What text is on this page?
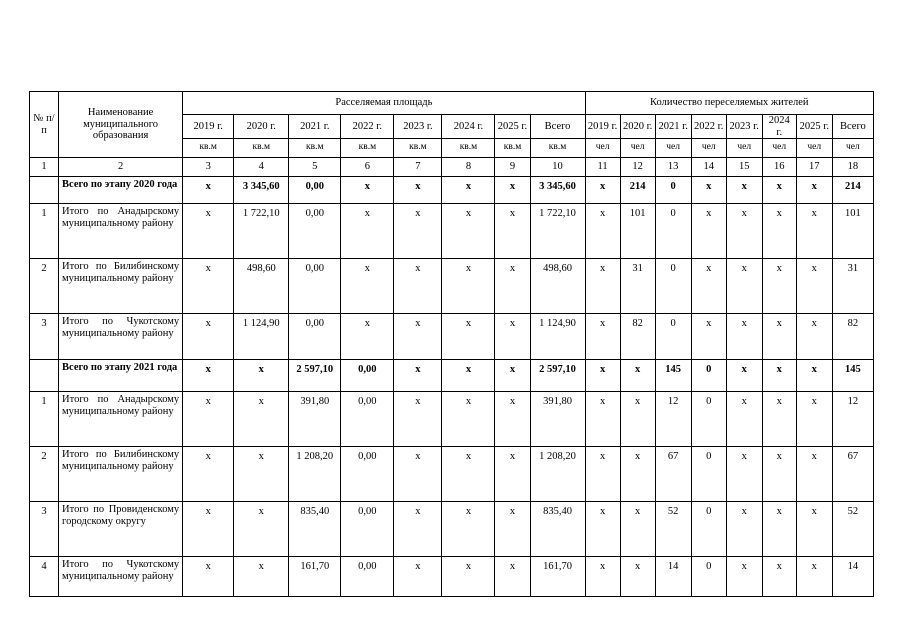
№ п/п	Наименование муниципального образования	Расселяемая площадь								Количество переселяемых жителей							
		2019 г.	2020 г.	2021 г.	2022 г.	2023 г.	2024 г.	2025 г.	Всего	2019 г.	2020 г.	2021 г.	2022 г.	2023 г.	2024 г.	2025 г.	Всего
		кв.м	кв.м	кв.м	кв.м	кв.м	кв.м	кв.м	кв.м	чел	чел	чел	чел	чел	чел	чел	чел
1	2	3	4	5	6	7	8	9	10	11	12	13	14	15	16	17	18
	Всего по этапу 2020 года	х	3 345,60	0,00	х	х	х	х	3 345,60	х	214	0	х	х	х	х	214
1	Итого по Анадырскому муниципальному району	х	1 722,10	0,00	х	х	х	х	1 722,10	х	101	0	х	х	х	х	101
2	Итого по Билибинскому муниципальному району	х	498,60	0,00	х	х	х	х	498,60	х	31	0	х	х	х	х	31
3	Итого по Чукотскому муниципальному району	х	1 124,90	0,00	х	х	х	х	1 124,90	х	82	0	х	х	х	х	82
	Всего по этапу 2021 года	х	х	2 597,10	0,00	х	х	х	2 597,10	х	х	145	0	х	х	х	145
1	Итого по Анадырскому муниципальному району	х	х	391,80	0,00	х	х	х	391,80	х	х	12	0	х	х	х	12
2	Итого по Билибинскому муниципальному району	х	х	1 208,20	0,00	х	х	х	1 208,20	х	х	67	0	х	х	х	67
3	Итого по Провиденскому городскому округу	х	х	835,40	0,00	х	х	х	835,40	х	х	52	0	х	х	х	52
4	Итого по Чукотскому муниципальному району	х	х	161,70	0,00	х	х	х	161,70	х	х	14	0	х	х	х	14
